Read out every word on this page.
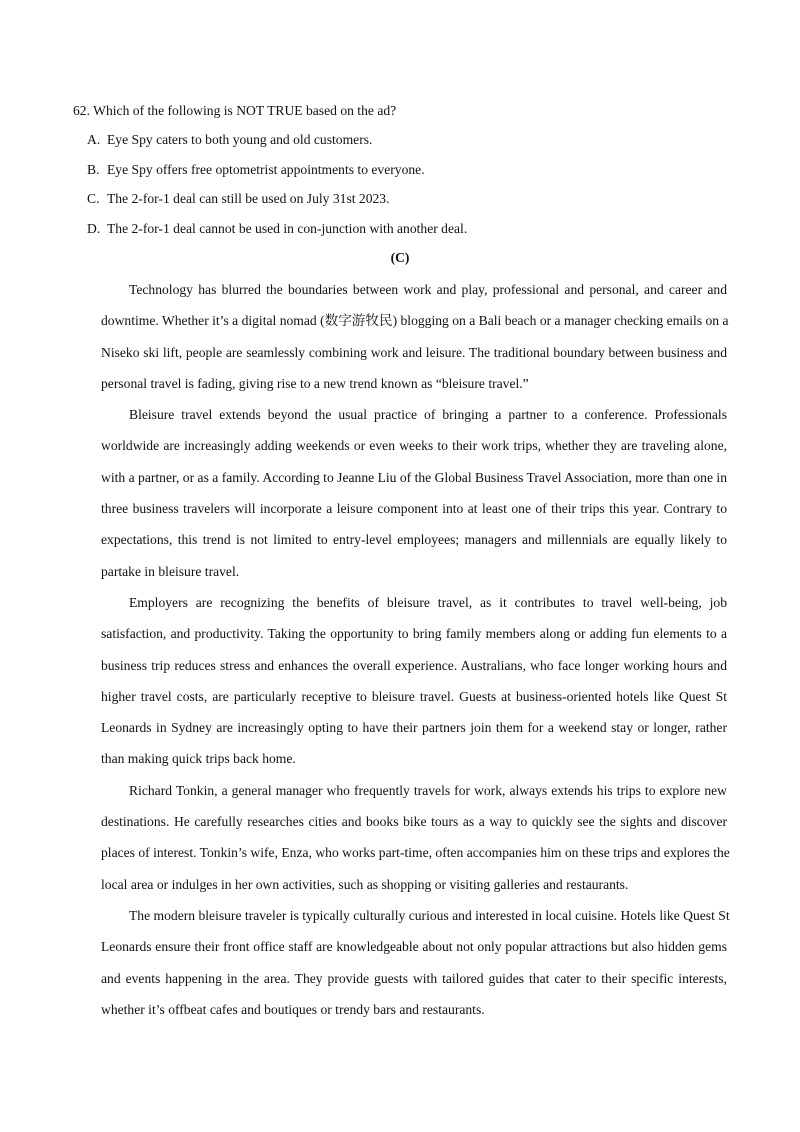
62. Which of the following is NOT TRUE based on the ad?

A. Eye Spy caters to both young and old customers.
B. Eye Spy offers free optometrist appointments to everyone.
C. The 2-for-1 deal can still be used on July 31st 2023.
D. The 2-for-1 deal cannot be used in con-junction with another deal.
(C)
Technology has blurred the boundaries between work and play, professional and personal, and career and
downtime. Whether it’s a digital nomad (数字游牧民) blogging on a Bali beach or a manager checking emails on a
Niseko ski lift, people are seamlessly combining work and leisure. The traditional boundary between business and
personal travel is fading, giving rise to a new trend known as “bleisure travel.”
Bleisure travel extends beyond the usual practice of bringing a partner to a conference. Professionals
worldwide are increasingly adding weekends or even weeks to their work trips, whether they are traveling alone,
with a partner, or as a family. According to Jeanne Liu of the Global Business Travel Association, more than one in
three business travelers will incorporate a leisure component into at least one of their trips this year. Contrary to
expectations, this trend is not limited to entry-level employees; managers and millennials are equally likely to
partake in bleisure travel.
Employers are recognizing the benefits of bleisure travel, as it contributes to travel well-being, job
satisfaction, and productivity. Taking the opportunity to bring family members along or adding fun elements to a
business trip reduces stress and enhances the overall experience. Australians, who face longer working hours and
higher travel costs, are particularly receptive to bleisure travel. Guests at business-oriented hotels like Quest St
Leonards in Sydney are increasingly opting to have their partners join them for a weekend stay or longer, rather
than making quick trips back home.
Richard Tonkin, a general manager who frequently travels for work, always extends his trips to explore new
destinations. He carefully researches cities and books bike tours as a way to quickly see the sights and discover
places of interest. Tonkin’s wife, Enza, who works part-time, often accompanies him on these trips and explores the
local area or indulges in her own activities, such as shopping or visiting galleries and restaurants.
The modern bleisure traveler is typically culturally curious and interested in local cuisine. Hotels like Quest St
Leonards ensure their front office staff are knowledgeable about not only popular attractions but also hidden gems
and events happening in the area. They provide guests with tailored guides that cater to their specific interests,
whether it’s offbeat cafes and boutiques or trendy bars and restaurants.
